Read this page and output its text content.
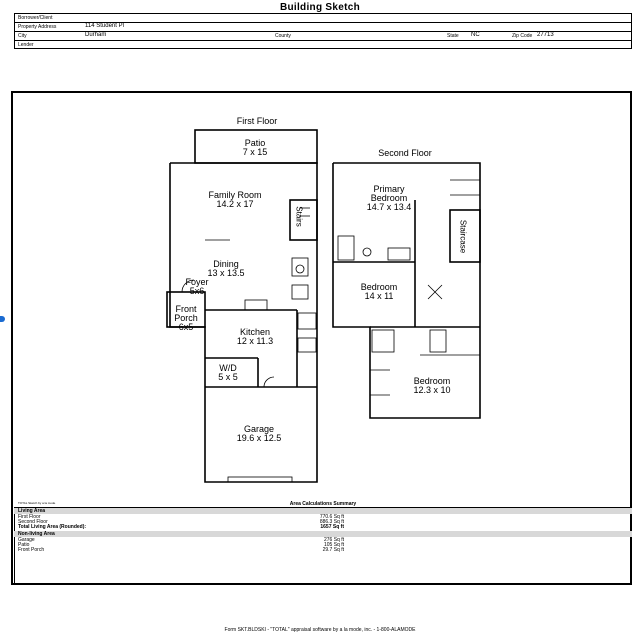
Building Sketch
Borrower/Client
Property Address	114 Student Pl
City	Durham	County	State NC	Zip Code 27713
Lender
First Floor
Second Floor
Patio
7 x 15
Family Room
14.2 x 17
Stairs
Dining
13 x 13.5
Foyer
5x6
Front Porch
6x5	Kitchen
12 x 11.3
W/D
5 x 5
Garage
19.6 x 12.5
Primary
Bedroom
14.7 x 13.4
Staircase
Bedroom
14 x 11
Bedroom
12.3 x 10
Area Calculations Summary
Living Area
First Floor	770.6 Sq ft
Second Floor	886.3 Sq ft
Total Living Area (Rounded):	1657 Sq ft
Non-living Area
Garage	276 Sq ft
Patio	105 Sq ft
Front Porch	29.7 Sq ft
TOTAL Sketch by a la mode
Form SKT.BLDSKI - "TOTAL" appraisal software by a la mode, inc. - 1-800-ALAMODE
